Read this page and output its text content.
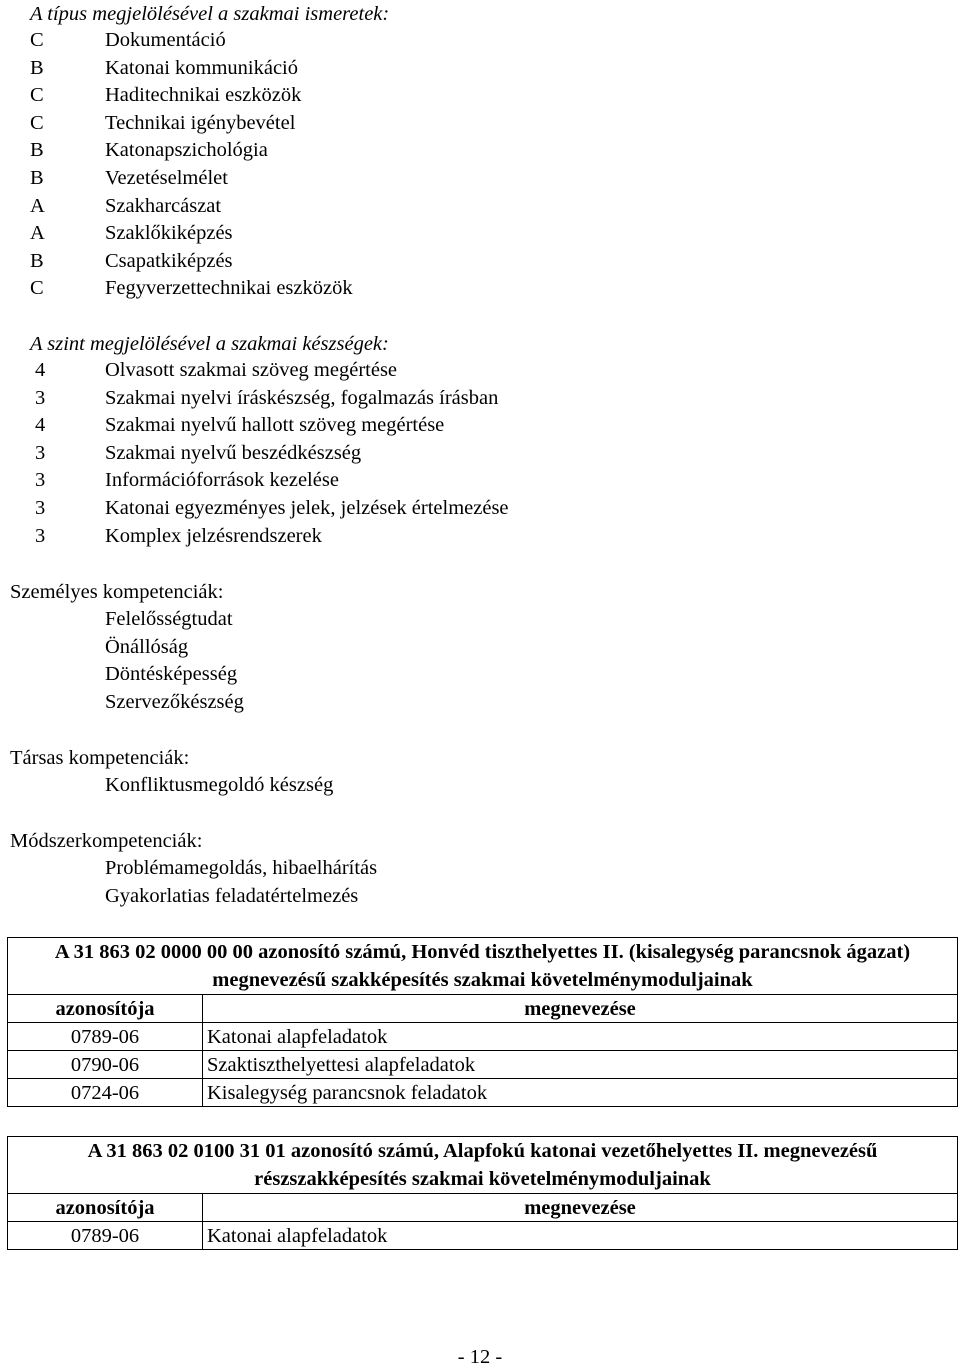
A típus megjelölésével a szakmai ismeretek:
C	Dokumentáció
B	Katonai kommunikáció
C	Haditechnikai eszközök
C	Technikai igénybevétel
B	Katonapszichológia
B	Vezetéselmélet
A	Szakharcászat
A	Szaklőkiképzés
B	Csapatkiképzés
C	Fegyverzettechnikai eszközök
A szint megjelölésével a szakmai készségek:
4	Olvasott szakmai szöveg megértése
3	Szakmai nyelvi íráskészség, fogalmazás írásban
4	Szakmai nyelvű hallott szöveg megértése
3	Szakmai nyelvű beszédkészség
3	Információforrások kezelése
3	Katonai egyezményes jelek, jelzések értelmezése
3	Komplex jelzésrendszerek
Személyes kompetenciák:
Felelősségtudat
Önállóság
Döntésképesség
Szervezőkészség
Társas kompetenciák:
Konfliktusmegoldó készség
Módszerkompetenciák:
Problémamegoldás, hibaelhárítás
Gyakorlatias feladatértelmezés
A 31 863 02 0000 00 00 azonosító számú, Honvéd tiszthelyettes II. (kisalegység parancsnok ágazat) megnevezésű szakképesítés szakmai követelménymoduljainak	
azonosítója	megnevezése
0789-06	Katonai alapfeladatok
0790-06	Szaktiszthelyettesi alapfeladatok
0724-06	Kisalegység parancsnok feladatok
A 31 863 02 0100 31 01 azonosító számú, Alapfokú katonai vezetőhelyettes II. megnevezésű részszakképesítés szakmai követelménymoduljainak	
azonosítója	megnevezése
0789-06	Katonai alapfeladatok
- 12 -
